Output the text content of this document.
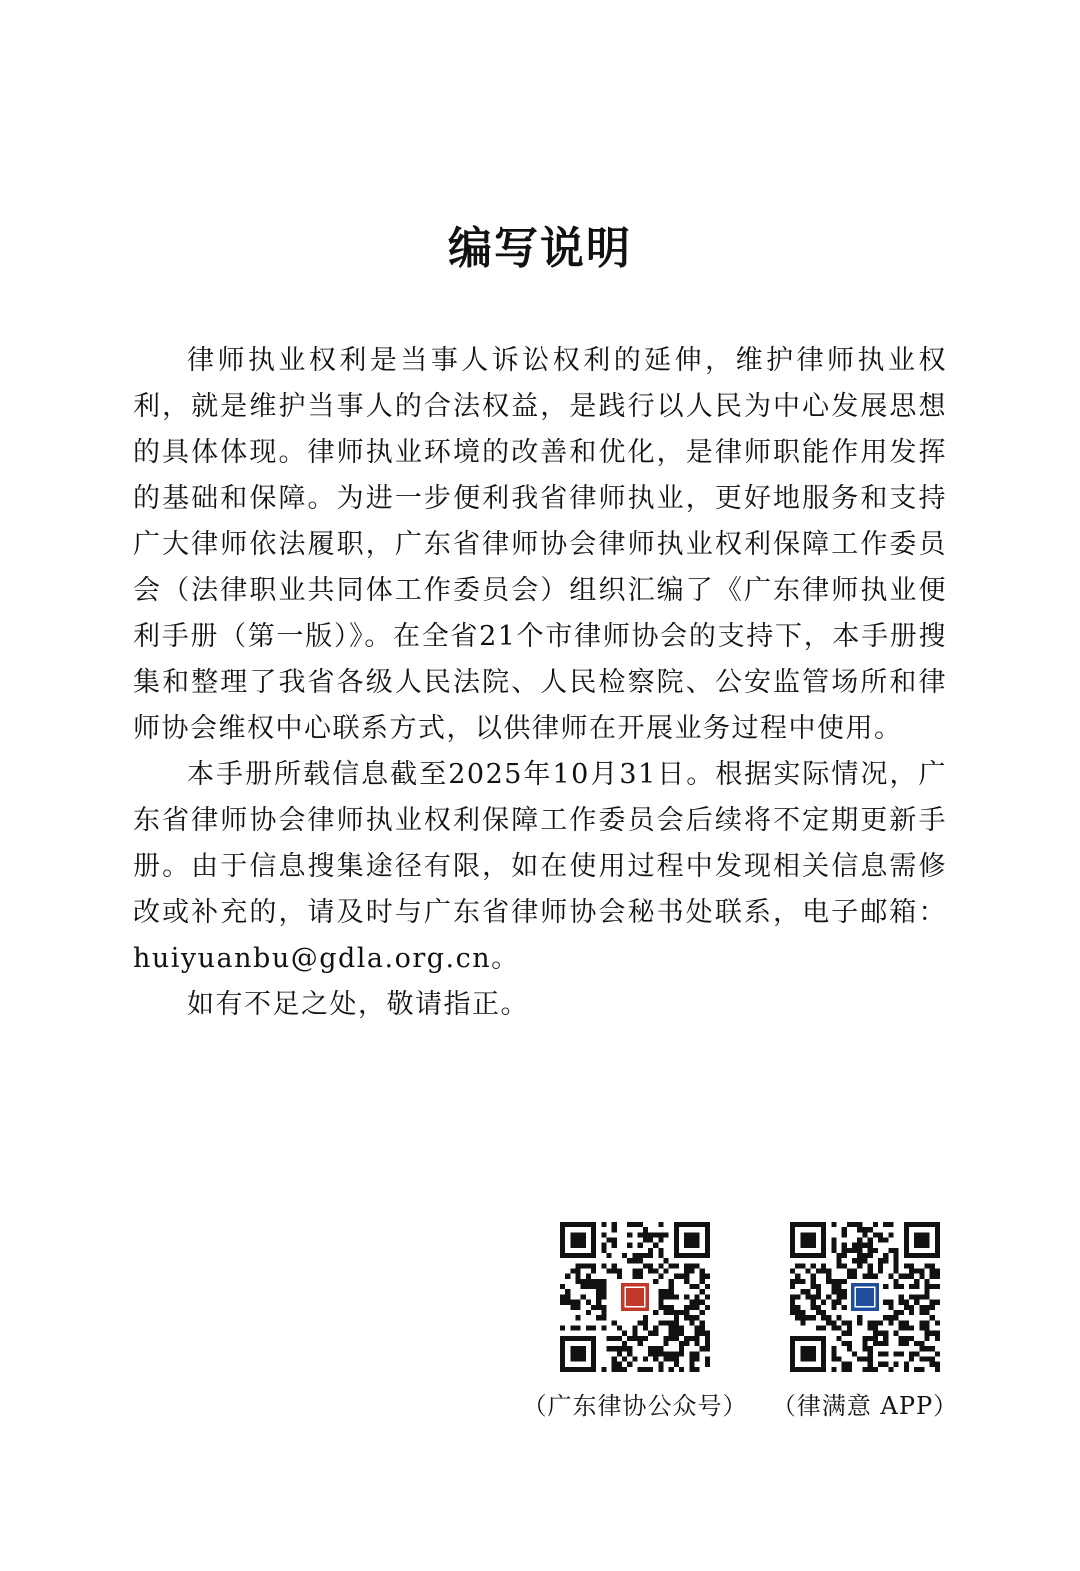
编写说明

律师执业权利是当事人诉讼权利的延伸，维护律师执业权利，就是维护当事人的合法权益，是践行以人民为中心发展思想的具体体现。律师执业环境的改善和优化，是律师职能作用发挥的基础和保障。为进一步便利我省律师执业，更好地服务和支持广大律师依法履职，广东省律师协会律师执业权利保障工作委员会（法律职业共同体工作委员会）组织汇编了《广东律师执业便利手册（第一版）》。在全省21个市律师协会的支持下，本手册搜集和整理了我省各级人民法院、人民检察院、公安监管场所和律师协会维权中心联系方式，以供律师在开展业务过程中使用。

本手册所载信息截至2025年10月31日。根据实际情况，广东省律师协会律师执业权利保障工作委员会后续将不定期更新手册。由于信息搜集途径有限，如在使用过程中发现相关信息需修改或补充的，请及时与广东省律师协会秘书处联系，电子邮箱：huiyuanbu@gdla.org.cn。

如有不足之处，敬请指正。

（广东律协公众号）	（律满意 APP）
